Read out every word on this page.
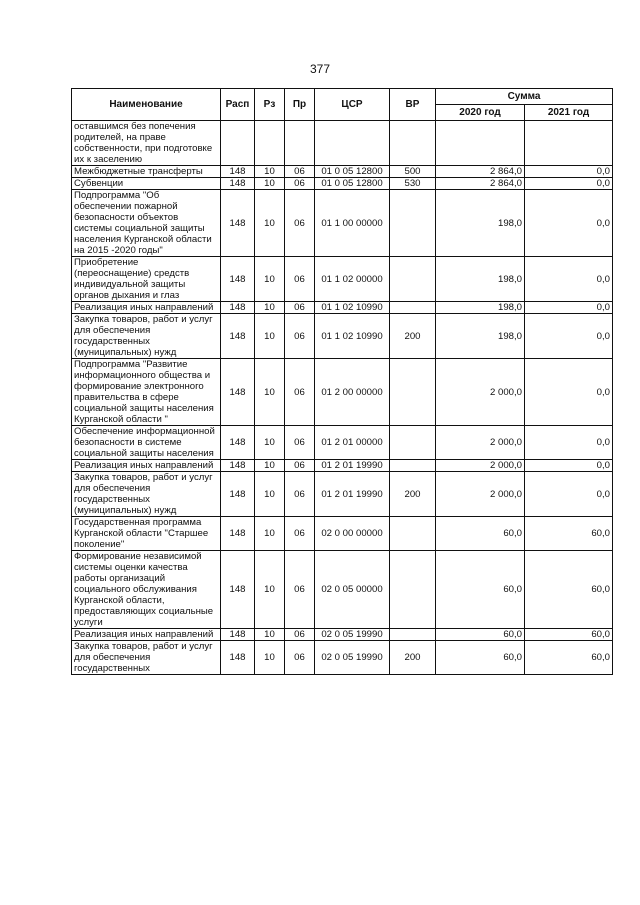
377
Наименование	Расп	Рз	Пр	ЦСР	ВР	Сумма	
						2020 год	2021 год
оставшимся без попечения родителей, на праве собственности, при подготовке их к заселению							
Межбюджетные трансферты	148	10	06	01 0 05 12800	500	2 864,0	0,0
Субвенции	148	10	06	01 0 05 12800	530	2 864,0	0,0
Подпрограмма "Об обеспечении пожарной безопасности объектов системы социальной защиты населения Курганской области на 2015 -2020 годы"	148	10	06	01 1 00 00000		198,0	0,0
Приобретение (переоснащение) средств индивидуальной защиты органов дыхания и глаз	148	10	06	01 1 02 00000		198,0	0,0
Реализация иных направлений	148	10	06	01 1 02 10990		198,0	0,0
Закупка товаров, работ и услуг для обеспечения государственных (муниципальных) нужд	148	10	06	01 1 02 10990	200	198,0	0,0
Подпрограмма "Развитие информационного общества и формирование электронного правительства в сфере социальной защиты населения Курганской области "	148	10	06	01 2 00 00000		2 000,0	0,0
Обеспечение информационной безопасности в системе социальной защиты населения	148	10	06	01 2 01 00000		2 000,0	0,0
Реализация иных направлений	148	10	06	01 2 01 19990		2 000,0	0,0
Закупка товаров, работ и услуг для обеспечения государственных (муниципальных) нужд	148	10	06	01 2 01 19990	200	2 000,0	0,0
Государственная программа Курганской области "Старшее поколение"	148	10	06	02 0 00 00000		60,0	60,0
Формирование независимой системы оценки качества работы организаций социального обслуживания Курганской области, предоставляющих социальные услуги	148	10	06	02 0 05 00000		60,0	60,0
Реализация иных направлений	148	10	06	02 0 05 19990		60,0	60,0
Закупка товаров, работ и услуг для обеспечения государственных	148	10	06	02 0 05 19990	200	60,0	60,0
